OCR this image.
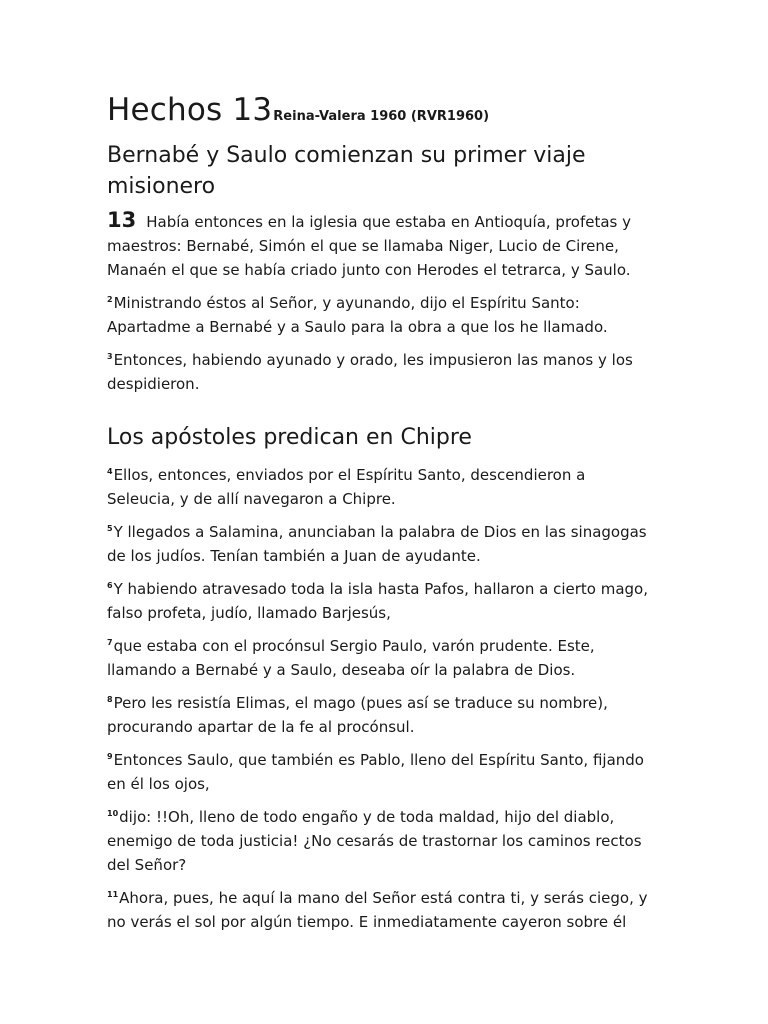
Hechos 13Reina-Valera 1960 (RVR1960)
Bernabé y Saulo comienzan su primer viaje misionero

13 Había entonces en la iglesia que estaba en Antioquía, profetas y maestros: Bernabé, Simón el que se llamaba Niger, Lucio de Cirene, Manaén el que se había criado junto con Herodes el tetrarca, y Saulo.

$^2$Ministrando éstos al Señor, y ayunando, dijo el Espíritu Santo: Apartadme a Bernabé y a Saulo para la obra a que los he llamado.

$^3$Entonces, habiendo ayunado y orado, les impusieron las manos y los despidieron.

Los apóstoles predican en Chipre

$^4$Ellos, entonces, enviados por el Espíritu Santo, descendieron a Seleucia, y de allí navegaron a Chipre.

$^5$Y llegados a Salamina, anunciaban la palabra de Dios en las sinagogas de los judíos. Tenían también a Juan de ayudante.

$^6$Y habiendo atravesado toda la isla hasta Pafos, hallaron a cierto mago, falso profeta, judío, llamado Barjesús,

$^7$que estaba con el procónsul Sergio Paulo, varón prudente. Este, llamando a Bernabé y a Saulo, deseaba oír la palabra de Dios.

$^8$Pero les resistía Elimas, el mago (pues así se traduce su nombre), procurando apartar de la fe al procónsul.

$^9$Entonces Saulo, que también es Pablo, lleno del Espíritu Santo, fijando en él los ojos,

$^{10}$dijo: !!Oh, lleno de todo engaño y de toda maldad, hijo del diablo, enemigo de toda justicia! ¿No cesarás de trastornar los caminos rectos del Señor?

$^{11}$Ahora, pues, he aquí la mano del Señor está contra ti, y serás ciego, y no verás el sol por algún tiempo. E inmediatamente cayeron sobre él
